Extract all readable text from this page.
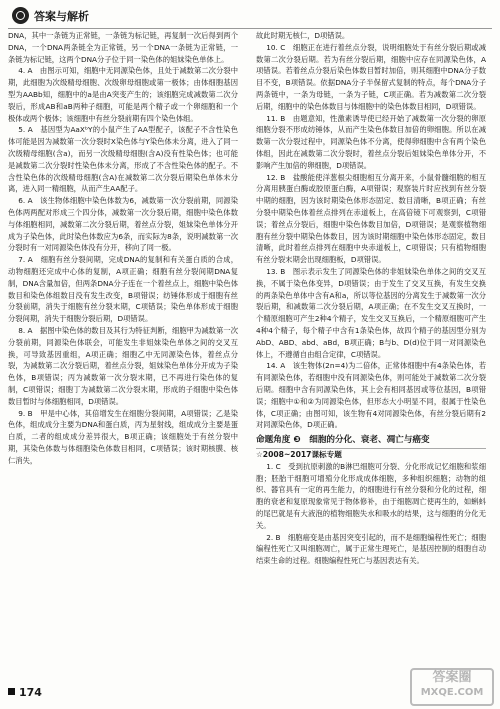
答案与解析
DNA，其中一条链为正常链，一条链为标记链，再复制一次后得到两个DNA，一个DNA两条链全为正常链，另一个DNA一条链为正常链，一条链为标记链，这两个DNA分子位于同一染色体的姐妹染色单体上。
4. A　由图示可知，细胞中无同源染色体，且处于减数第二次分裂中期，此细胞为次级精母细胞、次级卵母细胞或第一极体；由体细胞基因型为AABb知，细胞中的a是由A突变产生的；该细胞完成减数第二次分裂后，形成AB和aB两种子细胞，可能是两个精子或一个卵细胞和一个极体或两个极体；该细胞中有丝分裂前期有四个染色体组。
5. A　基因型为AaXᵇY的小鼠产生了AA型配子，该配子不含性染色体可能是因为减数第一次分裂时X染色体与Y染色体未分离，进入了同一次级精母细胞(含a)，而另一次级精母细胞(含A)没有性染色体；也可能是减数第二次分裂时性染色体未分离，形成了不含性染色体的配子。不含性染色体的次级精母细胞(含A)在减数第二次分裂后期染色单体未分离，进入同一精细胞，从而产生AA配子。
6. A　该生物体细胞中染色体数为6，减数第一次分裂前期，同源染色体两两配对形成三个四分体，减数第一次分裂后期，细胞中染色体数与体细胞相同，减数第二次分裂后期，着丝点分裂，姐妹染色单体分开成为子染色体，此时染色体数应为6条，而实际为8条，说明减数第一次分裂时有一对同源染色体没有分开，移向了同一极。
7. A　细胞有丝分裂间期，完成DNA的复制和有关蛋白质的合成，动物细胞还完成中心体的复制，A项正确；细胞有丝分裂间期DNA复制，DNA含量加倍，但两条DNA分子连在一个着丝点上，细胞中染色体数目和染色体组数目没有发生改变，B项错误；纺锤体形成于细胞有丝分裂前期，消失于细胞有丝分裂末期，C项错误；染色单体形成于细胞分裂间期，消失于细胞分裂后期，D项错误。
8. A　据图中染色体的数目及其行为特征判断，细胞甲为减数第一次分裂前期，同源染色体联会，可能发生非姐妹染色单体之间的交叉互换，可导致基因重组，A项正确；细胞乙中无同源染色体，着丝点分裂，为减数第二次分裂后期，着丝点分裂，姐妹染色单体分开成为子染色体，B项错误；丙为减数第一次分裂末期，已不再进行染色体的复制，C项错误；细胞丁为减数第二次分裂末期，形成的子细胞中染色体数目暂时与体细胞相同，D项错误。
9. B　甲是中心体，其倍增发生在细胞分裂间期，A项错误；乙是染色体，组成成分主要为DNA和蛋白质，丙为星射线，组成成分主要是蛋白质，二者的组成成分差异很大，B项正确；该细胞处于有丝分裂中期，其染色体数与体细胞染色体数目相同，C项错误；该时期核膜、核仁消失，
故此时期无核仁，D项错误。
10. C　细胞正在进行着丝点分裂，说明细胞处于有丝分裂后期或减数第二次分裂后期。若为有丝分裂后期，细胞中应存在同源染色体，A项错误。若着丝点分裂后染色体数目暂时加倍，则其细胞中DNA分子数目不变，B项错误。依据DNA分子半保留式复制的特点，每个DNA分子两条链中，一条为母链，一条为子链，C项正确。若为减数第二次分裂后期，细胞中的染色体数目与体细胞中的染色体数目相同，D项错误。
11. B　由题意知，性激素诱导使已经开始了减数第一次分裂的卵原细胞分裂不形成纺锤体，从而产生染色体数目加倍的卵细胞。所以在减数第一次分裂过程中，同源染色体不分离，使得卵细胞中含有两个染色体组，因此在减数第二次分裂时，着丝点分裂后姐妹染色单体分开，不影响产生加倍的卵细胞，D项错误。
12. B　盐酸能使洋葱根尖细胞相互分离开来，小鼠骨髓细胞的相互分离用胰蛋白酶或胶原蛋白酶，A项错误；观察装片时应找到有丝分裂中期的细胞，因为该时期染色体形态固定、数目清晰，B项正确；有丝分裂中期染色体着丝点排列在赤道板上，在高倍镜下可观察到，C项错误；着丝点分裂后，细胞中染色体数目加倍，D项错误；是观察植物细胞有丝分裂中期染色体数目，因为该时期细胞中染色体形态固定，数目清晰，此时着丝点排列在细胞中央赤道板上，C项错误；只有植物细胞有丝分裂末期会出现细胞板，D项错误。
13. B　图示表示发生了同源染色体的非姐妹染色单体之间的交叉互换，不属于染色体变异，D项错误；由于发生了交叉互换，有发生交换的两条染色单体中含有A和a，所以等位基因的分离发生于减数第一次分裂后期，和减数第二次分裂后期，A项正确；在不发生交叉互换时，一个精原细胞可产生2种4个精子，发生交叉互换后，一个精原细胞可产生4种4个精子，每个精子中含有1条染色体，故四个精子的基因型分别为AbD、ABD、abd、aBd，B项正确；B与b、D(d)位于同一对同源染色体上，不遵循自由组合定律，C项错误。
14. A　该生物体(2n=4)为二倍体，正常体细胞中有4条染色体，若有同源染色体，若细胞中没有同源染色体，则可能处于减数第二次分裂后期。细胞中含有同源染色体，其上会有相同基因或等位基因，B项错误；细胞中①和②为同源染色体，但形态大小明显不同，很属于性染色体，C项正确；由图可知，该生物有4对同源染色体，有丝分裂后期有2对同源染色体，D项正确。
命题角度 ❸　细胞的分化、衰老、凋亡与癌变
☆2008~2017课标专题
1. C　受到抗原刺激的B淋巴细胞可分裂、分化形成记忆细胞和浆细胞；胚胎干细胞可增殖分化形成成体细胞，多种组织细胞；动物的组织、器官具有一定的再生能力，的细胞进行有丝分裂和分化的过程，细胞的衰老和复原现象常见于物体修补，由于细胞凋亡使再生的，如蝌蚪的尾巴就是有大液泡的植物细胞失水和吸水的结果，这与细胞的分化无关。
2. B　细胞癌变是由基因突变引起的，而不是细胞编程性死亡；细胞编程性死亡又叫细胞凋亡，属于正常生理死亡，是基因控制的细胞自动结束生命的过程。细胞编程性死亡与基因表达有关。
174
答案圈
MXQE.COM
